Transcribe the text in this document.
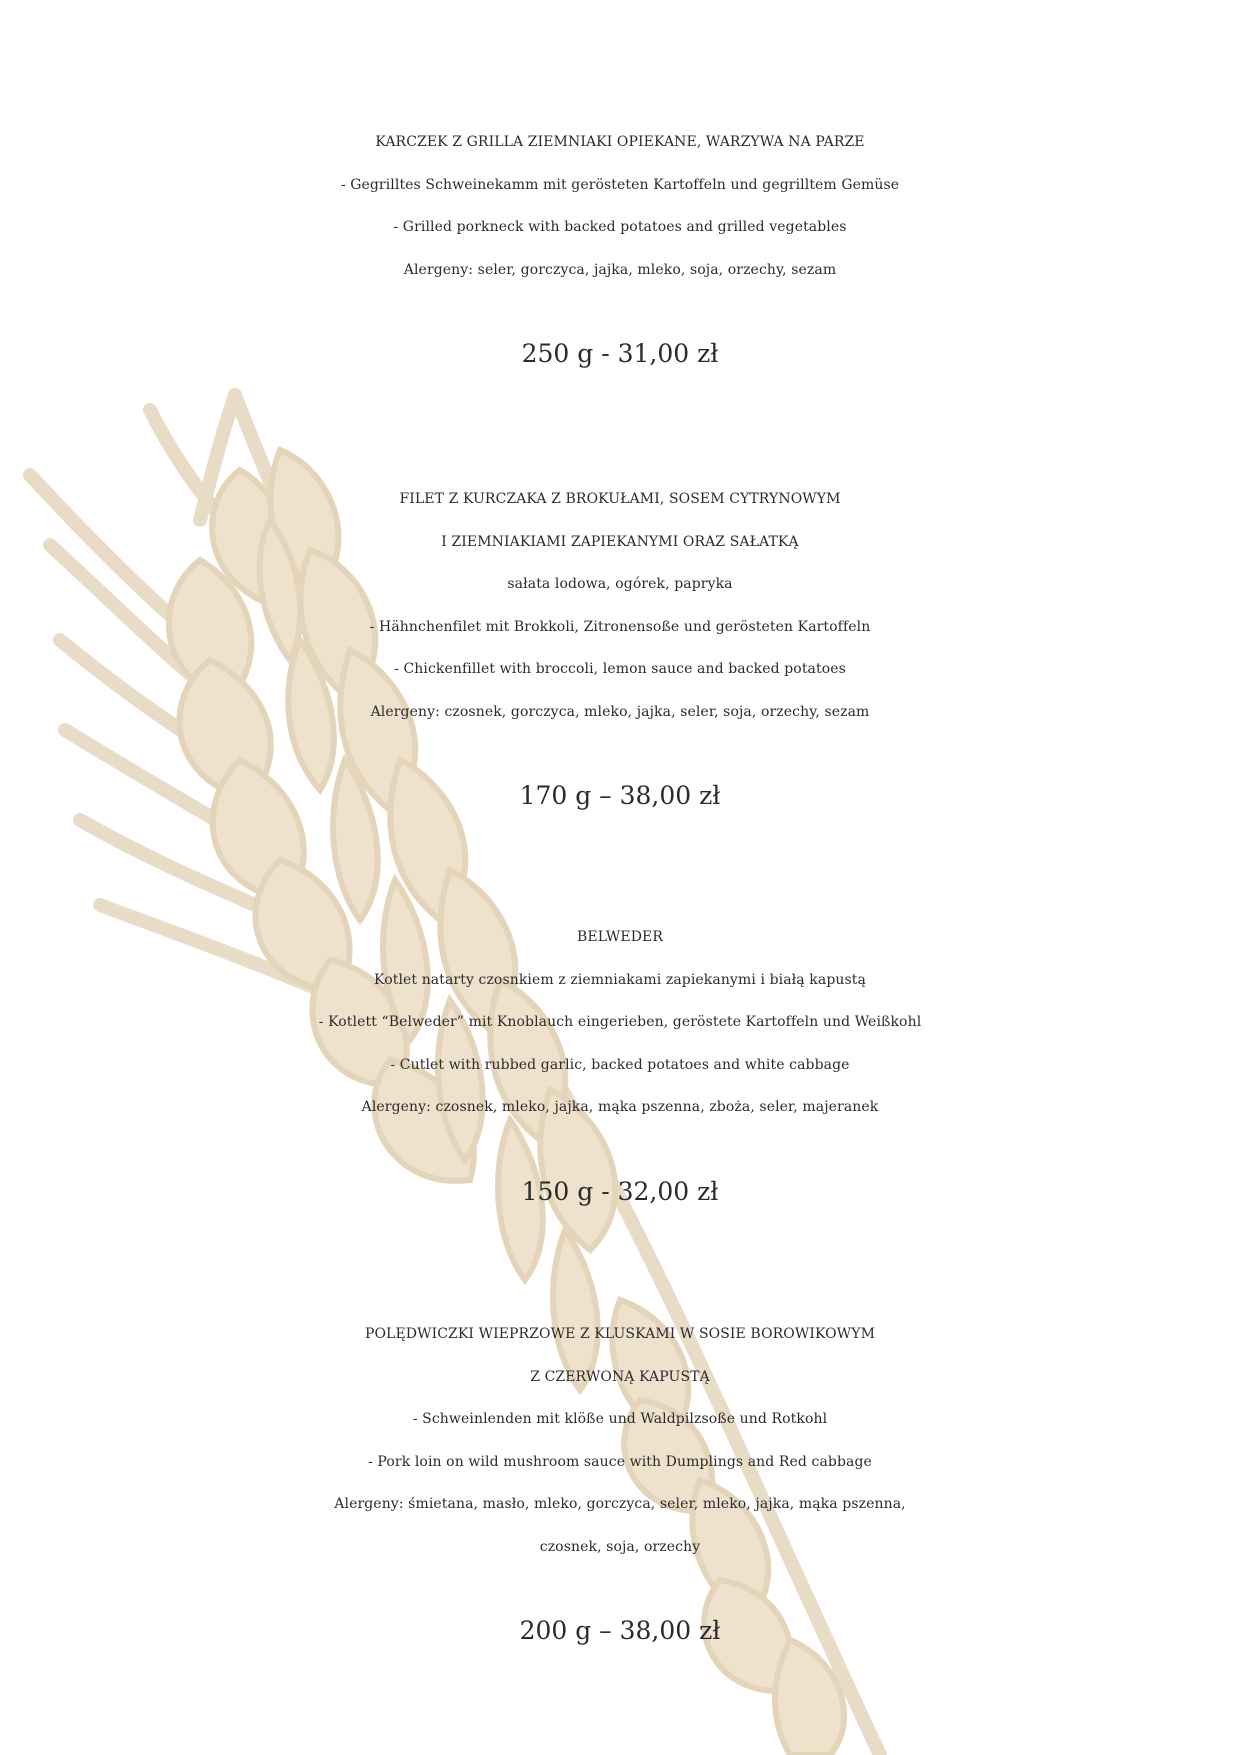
KARCZEK Z GRILLA ZIEMNIAKI OPIEKANE, WARZYWA NA PARZE
- Gegrilltes Schweinekamm mit gerösteten Kartoffeln und gegrilltem Gemüse
- Grilled porkneck with backed potatoes and grilled vegetables
Alergeny: seler, gorczyca, jajka, mleko, soja, orzechy, sezam
250 g - 31,00 zł
FILET Z KURCZAKA Z BROKUŁAMI, SOSEM CYTRYNOWYM
I ZIEMNIAKIAMI ZAPIEKANYMI ORAZ SAŁATKĄ
sałata lodowa, ogórek, papryka
- Hähnchenfilet mit Brokkoli, Zitronensoße und gerösteten Kartoffeln
- Chickenfillet with broccoli, lemon sauce and backed potatoes
Alergeny: czosnek, gorczyca, mleko, jajka, seler, soja, orzechy, sezam
170 g – 38,00 zł
BELWEDER
Kotlet natarty czosnkiem z ziemniakami zapiekanymi i białą kapustą
- Kotlett “Belweder” mit Knoblauch eingerieben, geröstete Kartoffeln und Weißkohl
- Cutlet with rubbed garlic, backed potatoes and white cabbage
Alergeny: czosnek, mleko, jajka, mąka pszenna, zboża, seler, majeranek
150 g - 32,00 zł
POLĘDWICZKI WIEPRZOWE Z KLUSKAMI W SOSIE BOROWIKOWYM
Z CZERWONĄ KAPUSTĄ
- Schweinlenden mit klöße und Waldpilzsoße und Rotkohl
- Pork loin on wild mushroom sauce with Dumplings and Red cabbage
Alergeny: śmietana, masło, mleko, gorczyca, seler, mleko, jajka, mąka pszenna,
czosnek, soja, orzechy
200 g – 38,00 zł
